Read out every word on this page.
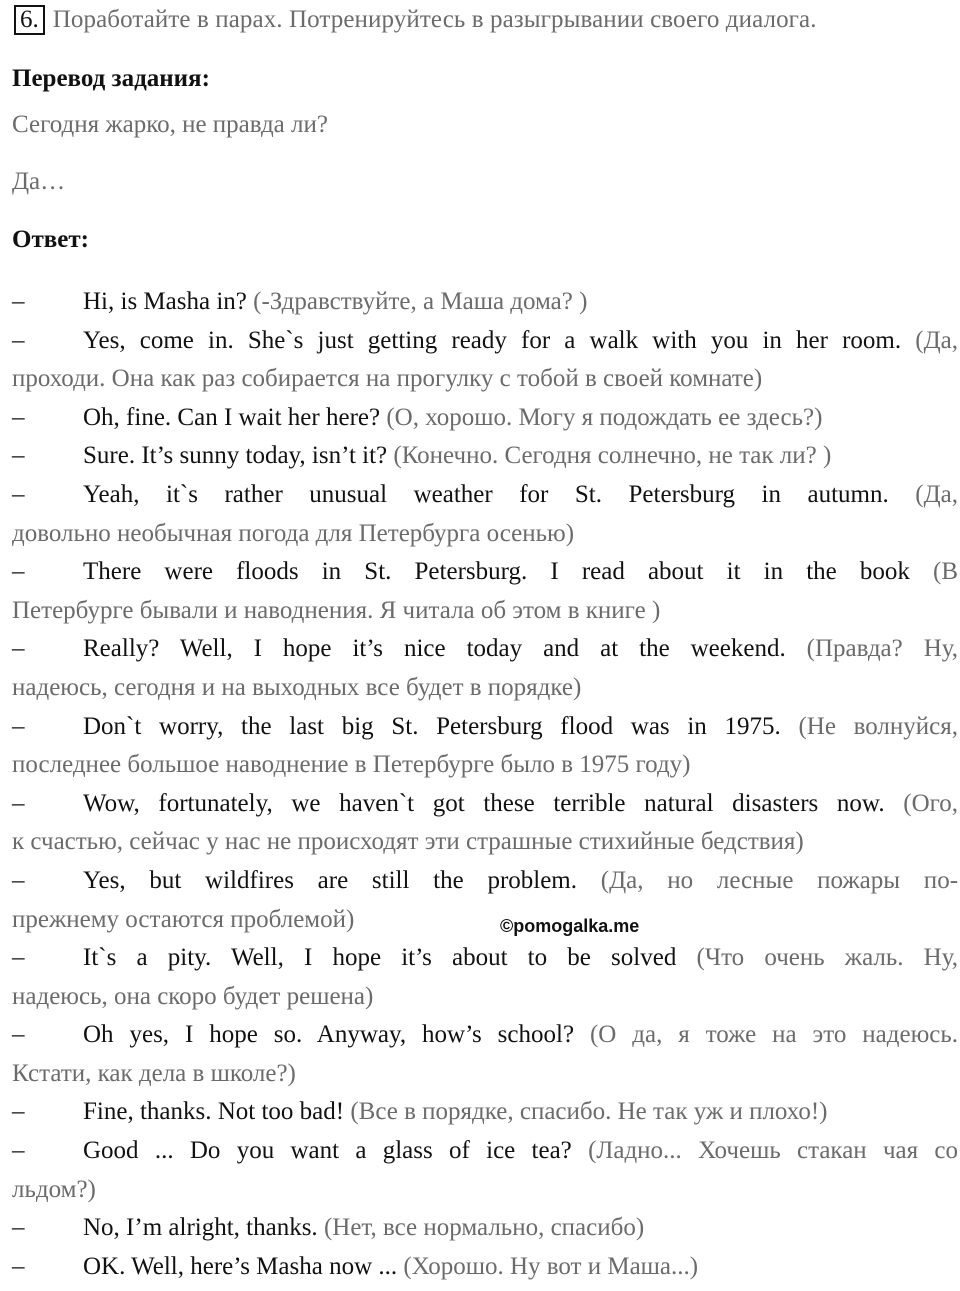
6. Поработайте в парах. Потренируйтесь в разыгрывании своего диалога.
Перевод задания:
Сегодня жарко, не правда ли?
Да…
Ответ:
– Hi, is Masha in? (-Здравствуйте, а Маша дома? )
– Yes, come in. She`s just getting ready for a walk with you in her room. (Да,
проходи. Она как раз собирается на прогулку с тобой в своей комнате)
– Oh, fine. Can I wait her here? (О, хорошо. Могу я подождать ее здесь?)
– Sure. It’s sunny today, isn’t it? (Конечно. Сегодня солнечно, не так ли? )
– Yeah, it`s rather unusual weather for St. Petersburg in autumn. (Да,
довольно необычная погода для Петербурга осенью)
– There were floods in St. Petersburg. I read about it in the book (В
Петербурге бывали и наводнения. Я читала об этом в книге )
– Really? Well, I hope it’s nice today and at the weekend. (Правда? Ну,
надеюсь, сегодня и на выходных все будет в порядке)
– Don`t worry, the last big St. Petersburg flood was in 1975. (Не волнуйся,
последнее большое наводнение в Петербурге было в 1975 году)
– Wow, fortunately, we haven`t got these terrible natural disasters now. (Ого,
к счастью, сейчас у нас не происходят эти страшные стихийные бедствия)
– Yes, but wildfires are still the problem. (Да, но лесные пожары по-
прежнему остаются проблемой)
– It`s a pity. Well, I hope it’s about to be solved (Что очень жаль. Ну,
надеюсь, она скоро будет решена)
– Oh yes, I hope so. Anyway, how’s school? (О да, я тоже на это надеюсь.
Кстати, как дела в школе?)
– Fine, thanks. Not too bad! (Все в порядке, спасибо. Не так уж и плохо!)
– Good ... Do you want a glass of ice tea? (Ладно... Хочешь стакан чая со
льдом?)
– No, I’m alright, thanks. (Нет, все нормально, спасибо)
– OK. Well, here’s Masha now ... (Хорошо. Ну вот и Маша...)
©pomogalka.me
